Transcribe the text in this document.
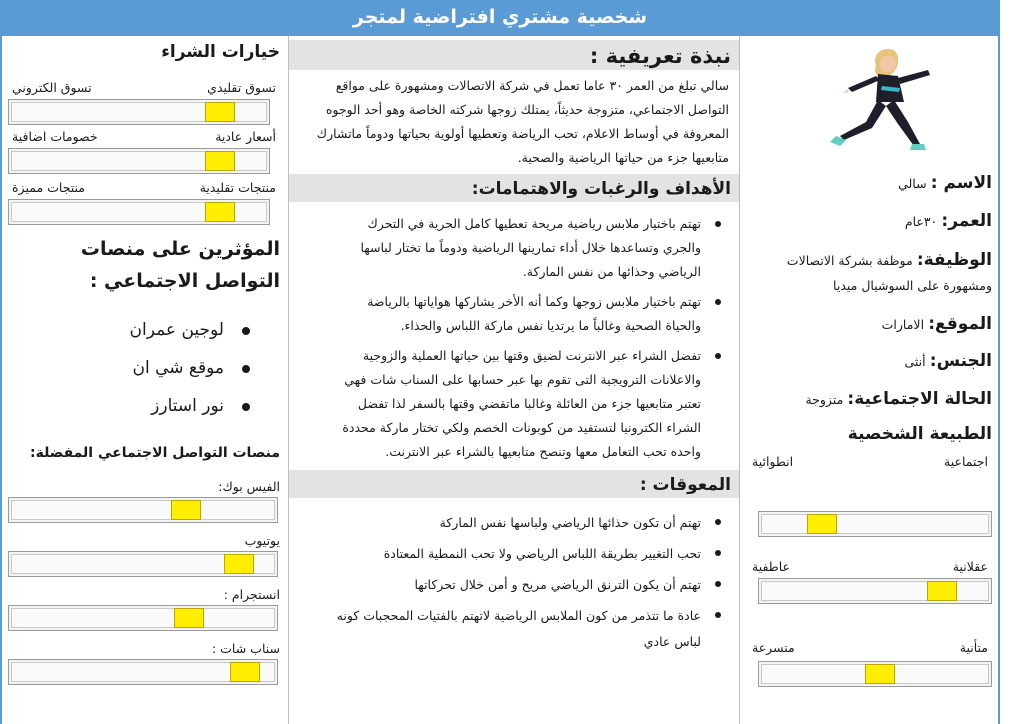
شخصية مشتري افتراضية لمتجر
الاسم : سالي
العمر: ٣٠عام
الوظيفة: موظفة بشركة الاتصالات ومشهورة على السوشيال ميديا
الموقع: الامارات
الجنس: أنثى
الحالة الاجتماعية: متزوجة
الطبيعة الشخصية
اجتماعية
انطوائية
عقلانية
عاطفية
متأنية
متسرعة
نبذة تعريفية :
سالي تبلغ من العمر ٣٠ عاما تعمل في شركة الاتصالات ومشهورة على مواقع التواصل الاجتماعي، متزوجة حديثاً، يمتلك زوجها شركته الخاصة وهو أحد الوجوه المعروفة في أوساط الاعلام، تحب الرياضة وتعطيها أولوية بحياتها ودوماً ماتشارك متابعيها جزء من حياتها الرياضية والصحية.
الأهداف والرغبات والاهتمامات:
تهتم باختيار ملابس رياضية مريحة تعطيها كامل الحرية في التحرك والجري وتساعدها خلال أداء تمارينها الرياضية ودوماً ما تختار لباسها الرياضي وحذائها من نفس الماركة.
تهتم باختيار ملابس زوجها وكما أنه الأخر يشاركها هواياتها بالرياضة والحياة الصحية وغالباً ما يرتديا نفس ماركة اللباس والحذاء.
تفضل الشراء عبر الانترنت لضيق وقتها بين حياتها العملية والزوجية والاعلانات الترويجية التى تقوم بها عبر حسابها على السناب شات فهي تعتبر متابعيها جزء من العائلة وغالبا ماتقضي وقتها بالسفر لذا تفضل الشراء الكترونيا لتستفيد من كوبونات الخصم ولكي تختار ماركة محددة واحده تحب التعامل معها وتنصح متابعيها بالشراء عبر الانترنت.
المعوقات :
تهتم أن تكون حذائها الرياضي ولباسها نفس الماركة
تحب التغيير بطريقة اللباس الرياضي ولا تحب النمطية المعتادة
تهتم أن يكون الترنق الرياضي مريح و أمن خلال تحركاتها
عادة ما تتذمر من كون الملابس الرياضية لاتهتم بالفتيات المحجبات كونه لباس عادي
خيارات الشراء
تسوق تقليدي
تسوق الكتروني
أسعار عادية
خصومات اضافية
منتجات تقليدية
منتجات مميزة
المؤثرين على منصات التواصل الاجتماعي :
لوجين عمران
موقع شي ان
نور استارز
منصات التواصل الاجتماعي المفضلة:
الفيس بوك:
يوتيوب
انستجرام :
سناب شات :
